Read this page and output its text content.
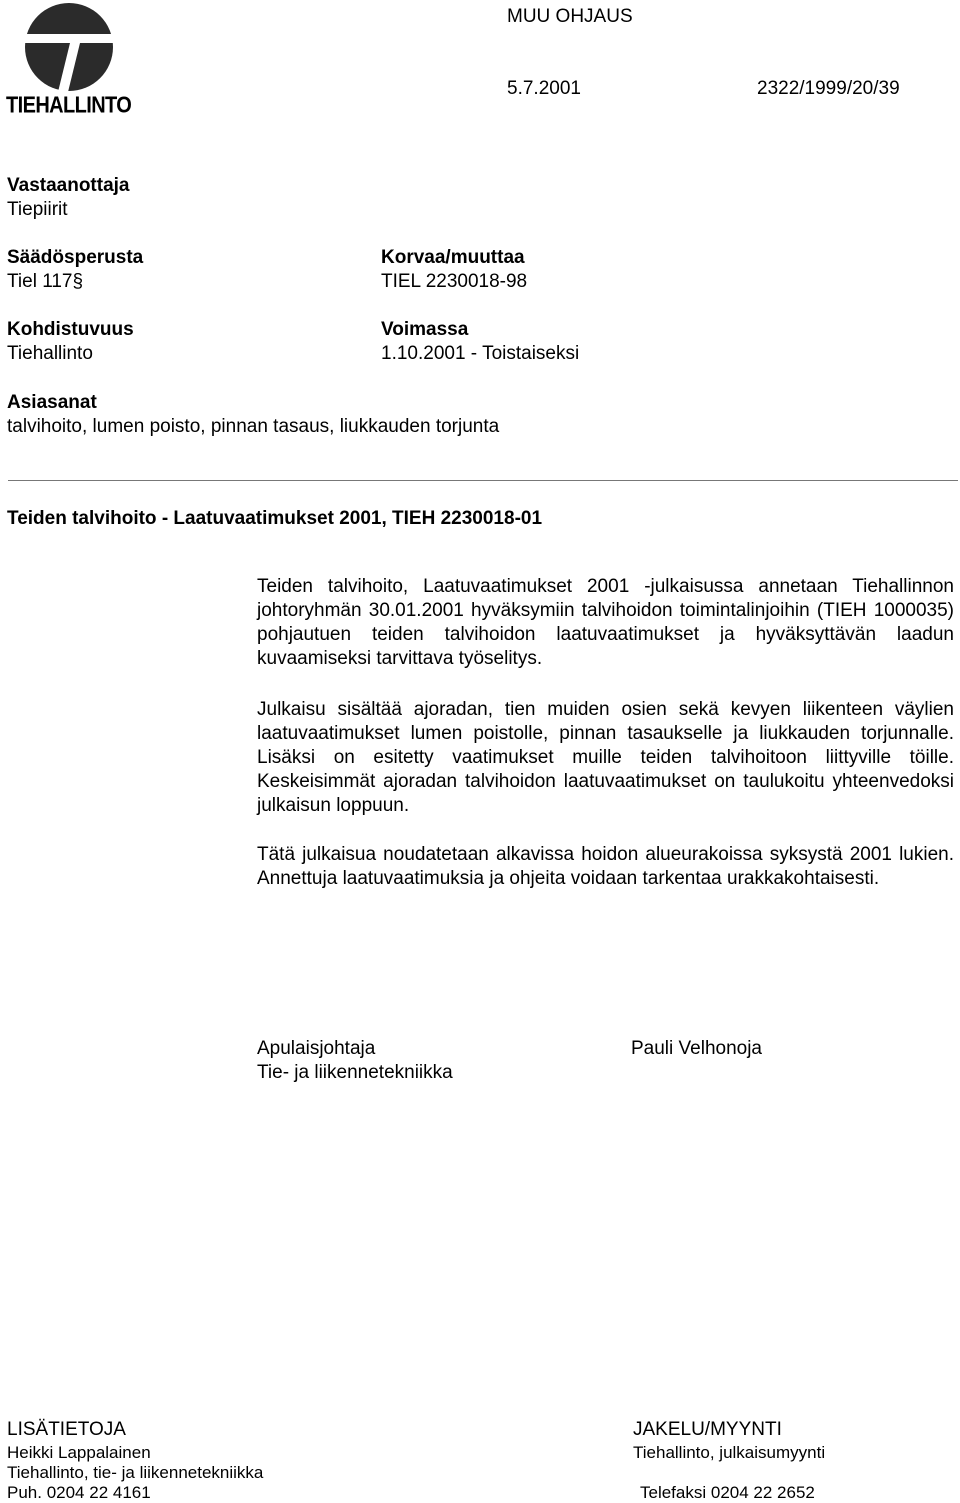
TIEHALLINTO
MUU OHJAUS
5.7.2001	2322/1999/20/39
Vastaanottaja
Tiepiirit
Säädösperusta
Tiel 117§
Korvaa/muuttaa
TIEL 2230018-98
Kohdistuvuus
Tiehallinto
Voimassa
1.10.2001 - Toistaiseksi
Asiasanat
talvihoito, lumen poisto, pinnan tasaus, liukkauden torjunta
Teiden talvihoito - Laatuvaatimukset 2001, TIEH 2230018-01

Teiden talvihoito, Laatuvaatimukset 2001 -julkaisussa annetaan Tiehallinnon johtoryhmän 30.01.2001 hyväksymiin talvihoidon toimintalinjoihin (TIEH 1000035) pohjautuen teiden talvihoidon laatuvaatimukset ja hyväksyttävän laadun kuvaamiseksi tarvittava työselitys.

Julkaisu sisältää ajoradan, tien muiden osien sekä kevyen liikenteen väylien laatuvaatimukset lumen poistolle, pinnan tasaukselle ja liukkauden torjunnalle. Lisäksi on esitetty vaatimukset muille teiden talvihoitoon liittyville töille. Keskeisimmät ajoradan talvihoidon laatuvaatimukset on taulukoitu yhteenvedoksi julkaisun loppuun.

Tätä julkaisua noudatetaan alkavissa hoidon alueurakoissa syksystä 2001 lukien. Annettuja laatuvaatimuksia ja ohjeita voidaan tarkentaa urakkakohtaisesti.

Apulaisjohtaja
Tie- ja liikennetekniikka
Pauli Velhonoja
LISÄTIETOJA
Heikki Lappalainen
Tiehallinto, tie- ja liikennetekniikka
Puh. 0204 22 4161
JAKELU/MYYNTI
Tiehallinto, julkaisumyynti
Telefaksi 0204 22 2652
